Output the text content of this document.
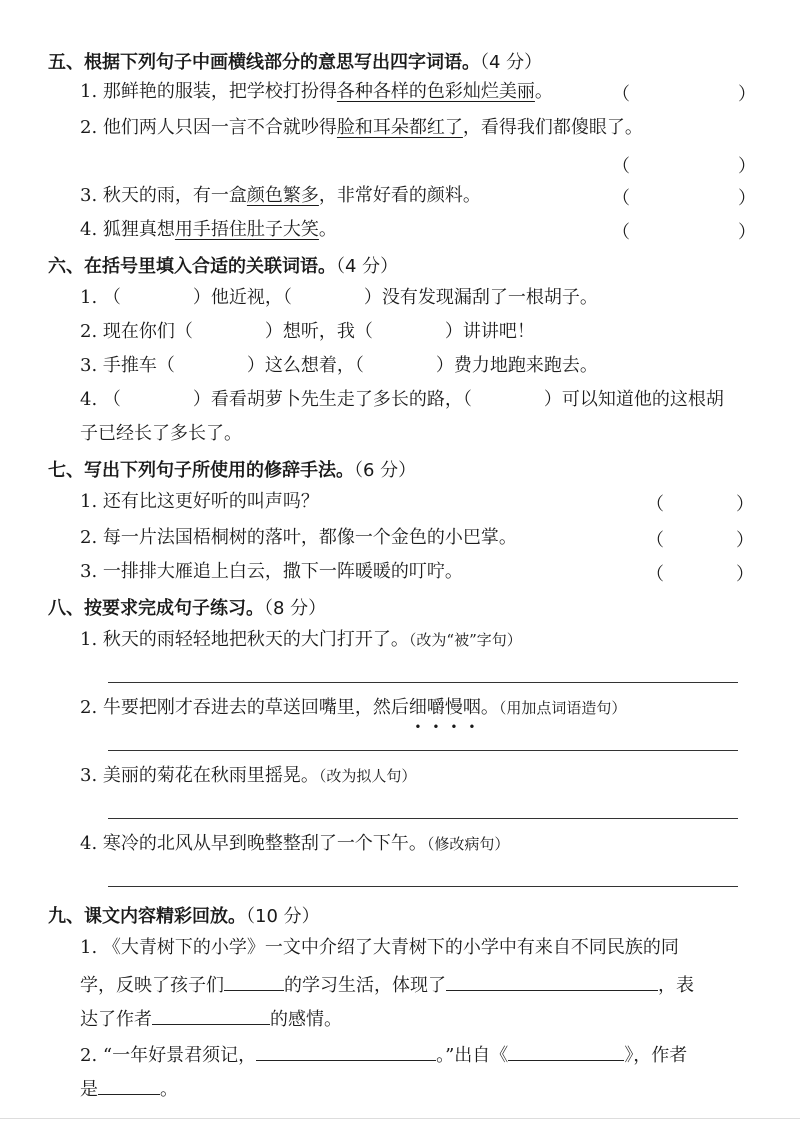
五、根据下列句子中画横线部分的意思写出四字词语。（4 分）
1. 那鲜艳的服装，把学校打扮得各种各样的色彩灿烂美丽。	（　　　　　　）
2. 他们两人只因一言不合就吵得脸和耳朵都红了，看得我们都傻眼了。
（　　　　　　）
3. 秋天的雨，有一盒颜色繁多，非常好看的颜料。	（　　　　　　）
4. 狐狸真想用手捂住肚子大笑。	（　　　　　　）
六、在括号里填入合适的关联词语。（4 分）
1. （　　　　）他近视，（　　　　）没有发现漏刮了一根胡子。
2. 现在你们（　　　　）想听，我（　　　　）讲讲吧！
3. 手推车（　　　　）这么想着，（　　　　）费力地跑来跑去。
4. （　　　　）看看胡萝卜先生走了多长的路，（　　　　）可以知道他的这根胡
子已经长了多长了。
七、写出下列句子所使用的修辞手法。（6 分）
1. 还有比这更好听的叫声吗？	（　　　　）
2. 每一片法国梧桐树的落叶，都像一个金色的小巴掌。	（　　　　）
3. 一排排大雁追上白云，撒下一阵暖暖的叮咛。	（　　　　）
八、按要求完成句子练习。（8 分）
1. 秋天的雨轻轻地把秋天的大门打开了。（改为“被”字句）
2. 牛要把刚才吞进去的草送回嘴里，然后细嚼慢咽。（用加点词语造句）
3. 美丽的菊花在秋雨里摇晃。（改为拟人句）
4. 寒冷的北风从早到晚整整刮了一个下午。（修改病句）
九、课文内容精彩回放。（10 分）
1. 《大青树下的小学》一文中介绍了大青树下的小学中有来自不同民族的同
学，反映了孩子们	的学习生活，体现了	，表
达了作者	的感情。
2. “一年好景君须记，	。”出自《	》，作者
是	。
